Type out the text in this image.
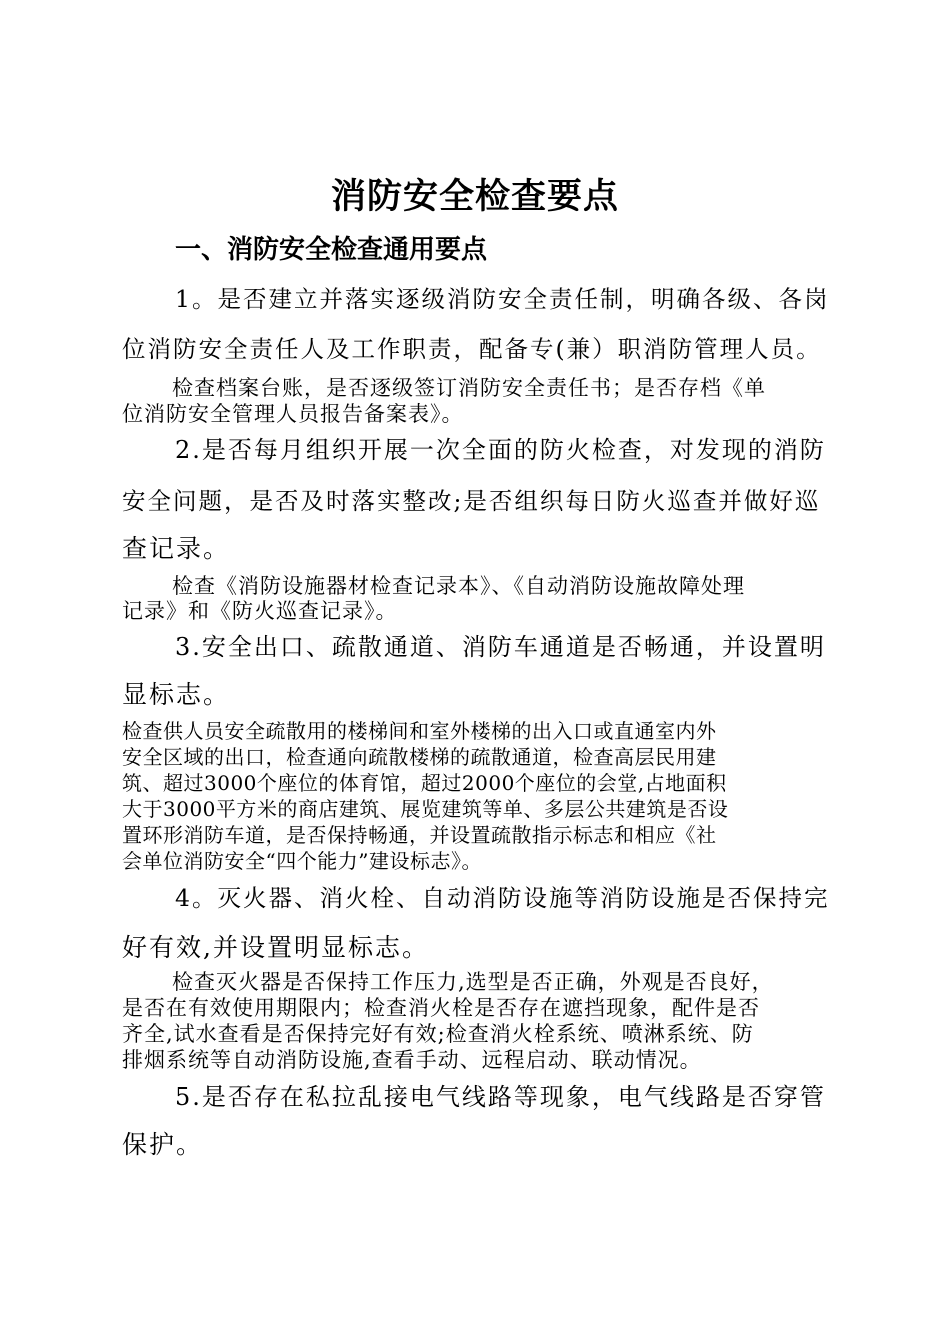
消防安全检查要点
一、消防安全检查通用要点
1。是否建立并落实逐级消防安全责任制，明确各级、各岗
位消防安全责任人及工作职责，配备专(兼）职消防管理人员。
检查档案台账，是否逐级签订消防安全责任书；是否存档《单
位消防安全管理人员报告备案表》。
2.是否每月组织开展一次全面的防火检查，对发现的消防
安全问题，是否及时落实整改;是否组织每日防火巡查并做好巡
查记录。
检查《消防设施器材检查记录本》、《自动消防设施故障处理
记录》和《防火巡查记录》。
3.安全出口、疏散通道、消防车通道是否畅通，并设置明
显标志。
检查供人员安全疏散用的楼梯间和室外楼梯的出入口或直通室内外
安全区域的出口，检查通向疏散楼梯的疏散通道，检查高层民用建
筑、超过3000个座位的体育馆，超过2000个座位的会堂,占地面积
大于3000平方米的商店建筑、展览建筑等单、多层公共建筑是否设
置环形消防车道，是否保持畅通，并设置疏散指示标志和相应《社
会单位消防安全“四个能力”建设标志》。
4。灭火器、消火栓、自动消防设施等消防设施是否保持完
好有效,并设置明显标志。
检查灭火器是否保持工作压力,选型是否正确，外观是否良好，
是否在有效使用期限内；检查消火栓是否存在遮挡现象，配件是否
齐全,试水查看是否保持完好有效;检查消火栓系统、喷淋系统、防
排烟系统等自动消防设施,查看手动、远程启动、联动情况。
5.是否存在私拉乱接电气线路等现象，电气线路是否穿管
保护。
